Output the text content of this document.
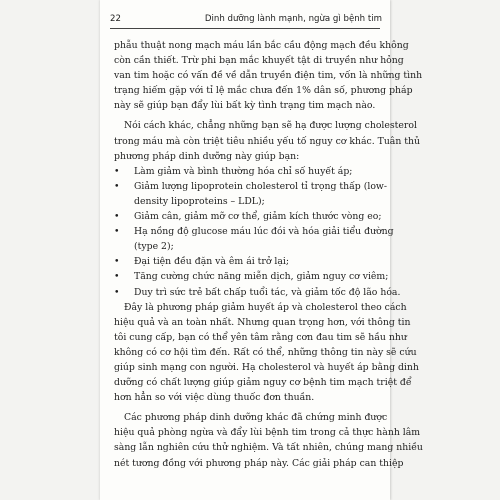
22	Dinh dưỡng lành mạnh, ngừa gì bệnh tim
phẫu thuật nong mạch máu lần bắc cầu động mạch đều không
còn cần thiết. Trừ phi bạn mắc khuyết tật di truyền như hỏng
van tim hoặc có vấn đề về dẫn truyền điện tim, vốn là những tình
trạng hiếm gặp với tỉ lệ mắc chưa đến 1% dân số, phương pháp
này sẽ giúp bạn đẩy lùi bất kỳ tình trạng tim mạch nào.
Nói cách khác, chẳng những bạn sẽ hạ được lượng cholesterol
trong máu mà còn triệt tiêu nhiều yếu tố nguy cơ khác. Tuân thủ
phương pháp dinh dưỡng này giúp bạn:
• Làm giảm và bình thường hóa chỉ số huyết áp;
• Giảm lượng lipoprotein cholesterol tỉ trọng thấp (low-
density lipoproteins – LDL);
• Giảm cân, giảm mỡ cơ thể, giảm kích thước vòng eo;
• Hạ nồng độ glucose máu lúc đói và hóa giải tiểu đường
(type 2);
• Đại tiện đều đặn và êm ái trở lại;
• Tăng cường chức năng miễn dịch, giảm nguy cơ viêm;
• Duy trì sức trẻ bất chấp tuổi tác, và giảm tốc độ lão hóa.
Đây là phương pháp giảm huyết áp và cholesterol theo cách
hiệu quả và an toàn nhất. Nhưng quan trọng hơn, với thông tin
tôi cung cấp, bạn có thể yên tâm rằng cơn đau tim sẽ hầu như
không có cơ hội tìm đến. Rất có thể, những thông tin này sẽ cứu
giúp sinh mạng con người. Hạ cholesterol và huyết áp bằng dinh
dưỡng có chất lượng giúp giảm nguy cơ bệnh tim mạch triệt để
hơn hẳn so với việc dùng thuốc đơn thuần.
Các phương pháp dinh dưỡng khác đã chứng minh được
hiệu quả phòng ngừa và đẩy lùi bệnh tim trong cả thực hành lâm
sàng lẫn nghiên cứu thử nghiệm. Và tất nhiên, chúng mang nhiều
nét tương đồng với phương pháp này. Các giải pháp can thiệp
